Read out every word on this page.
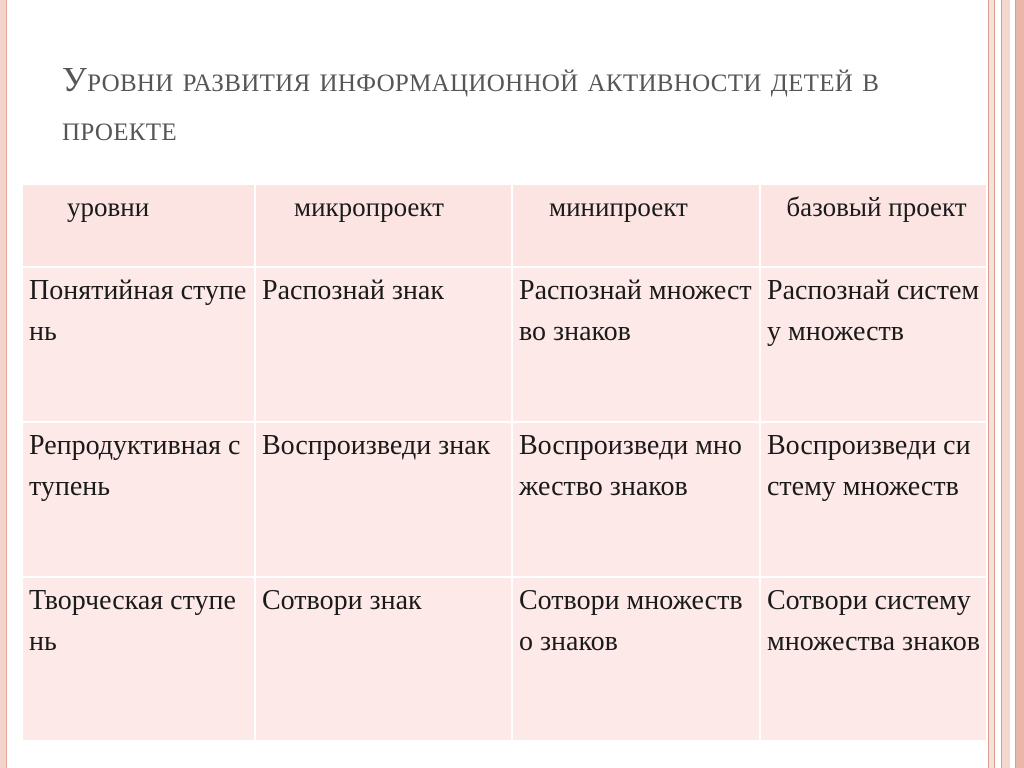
Уровни развития информационной активности детей в проекте
уровни	микропроект	минипроект	базовый проект
Понятийная ступень	Распознай знак	Распознай множество знаков	Распознай систему множеств
Репродуктивная ступень	Воспроизведи знак	Воспроизведи множество знаков	Воспроизведи систему множеств
Творческая ступень	Сотвори знак	Сотвори множество знаков	Сотвори систему множества знаков
